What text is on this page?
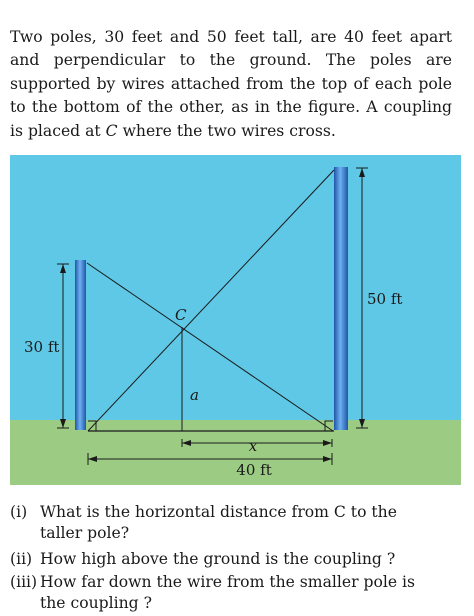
Two poles, 30 feet and 50 feet tall, are 40 feet apart and perpendicular to the ground. The poles are supported by wires attached from the top of each pole to the bottom of the other, as in the figure. A coupling is placed at C where the two wires cross.

30 ft
50 ft
C
a
x
40 ft
(i) What is the horizontal distance from C to the
taller pole?
(ii) How high above the ground is the coupling ?
(iii) How far down the wire from the smaller pole is
the coupling ?
